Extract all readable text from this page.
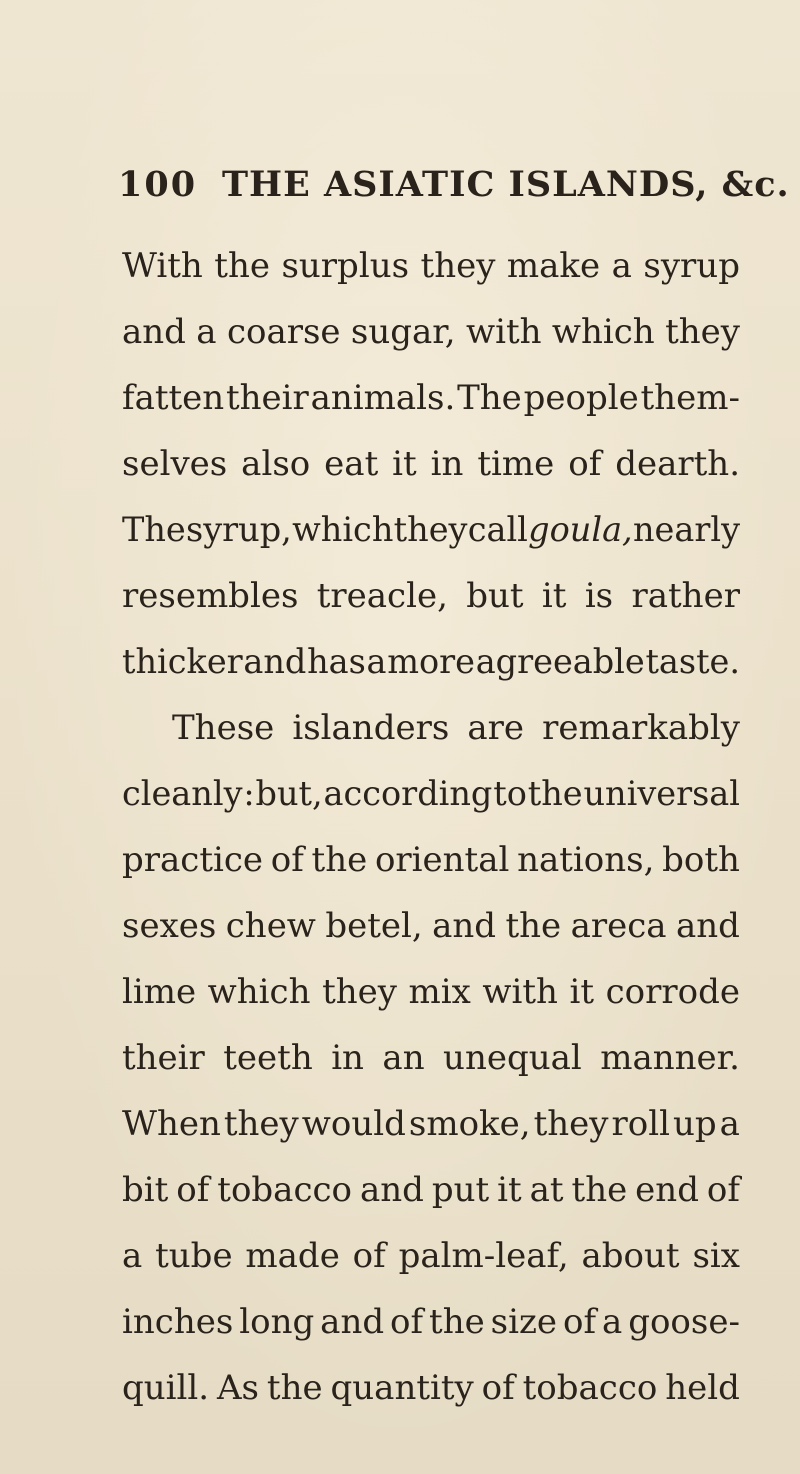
100 THE ASIATIC ISLANDS, &c.
With the surplus they make a syrup
and a coarse sugar, with which they
fatten their animals. The people them-
selves also eat it in time of dearth.
The syrup, which they call goula, nearly
resembles treacle, but it is rather
thicker and has a more agreeable taste.
These islanders are remarkably
cleanly : but, according to the universal
practice of the oriental nations, both
sexes chew betel, and the areca and
lime which they mix with it corrode
their teeth in an unequal manner.
When they would smoke, they roll up a
bit of tobacco and put it at the end of
a tube made of palm-leaf, about six
inches long and of the size of a goose-
quill. As the quantity of tobacco held
